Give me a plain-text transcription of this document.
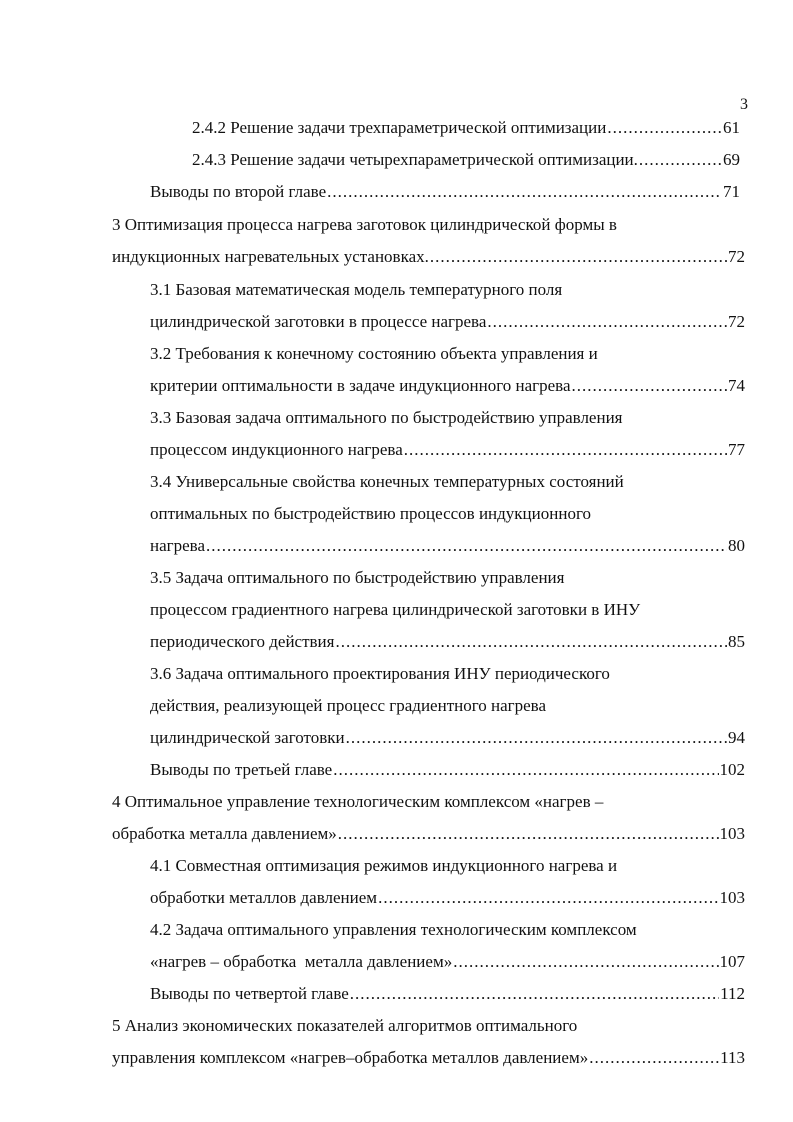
3
2.4.2 Решение задачи трехпараметрической оптимизации .....	61
2.4.3 Решение задачи четырехпараметрической оптимизации. .....	69
Выводы по второй главе .....	71
3 Оптимизация процесса нагрева заготовок цилиндрической формы в
индукционных нагревательных установках. .....	72
3.1 Базовая математическая модель температурного поля
цилиндрической заготовки в процессе нагрева .....	72
3.2 Требования к конечному состоянию объекта управления и
критерии оптимальности в задаче индукционного нагрева .....	74
3.3 Базовая задача оптимального по быстродействию управления
процессом индукционного нагрева .....	77
3.4 Универсальные свойства конечных температурных состояний
оптимальных по быстродействию процессов индукционного
нагрева .....	80
3.5 Задача оптимального по быстродействию управления
процессом градиентного нагрева цилиндрической заготовки в ИНУ
периодического действия .....	85
3.6 Задача оптимального проектирования ИНУ периодического
действия, реализующей процесс градиентного нагрева
цилиндрической заготовки .....	94
Выводы по третьей главе .....	102
4 Оптимальное управление технологическим комплексом «нагрев –
обработка металла давлением» .....	103
4.1 Совместная оптимизация режимов индукционного нагрева и
обработки металлов давлением .....	103
4.2 Задача оптимального управления технологическим комплексом
«нагрев – обработка  металла давлением» .....	107
Выводы по четвертой главе .....	112
5 Анализ экономических показателей алгоритмов оптимального
управления комплексом «нагрев–обработка металлов давлением» .....	113
